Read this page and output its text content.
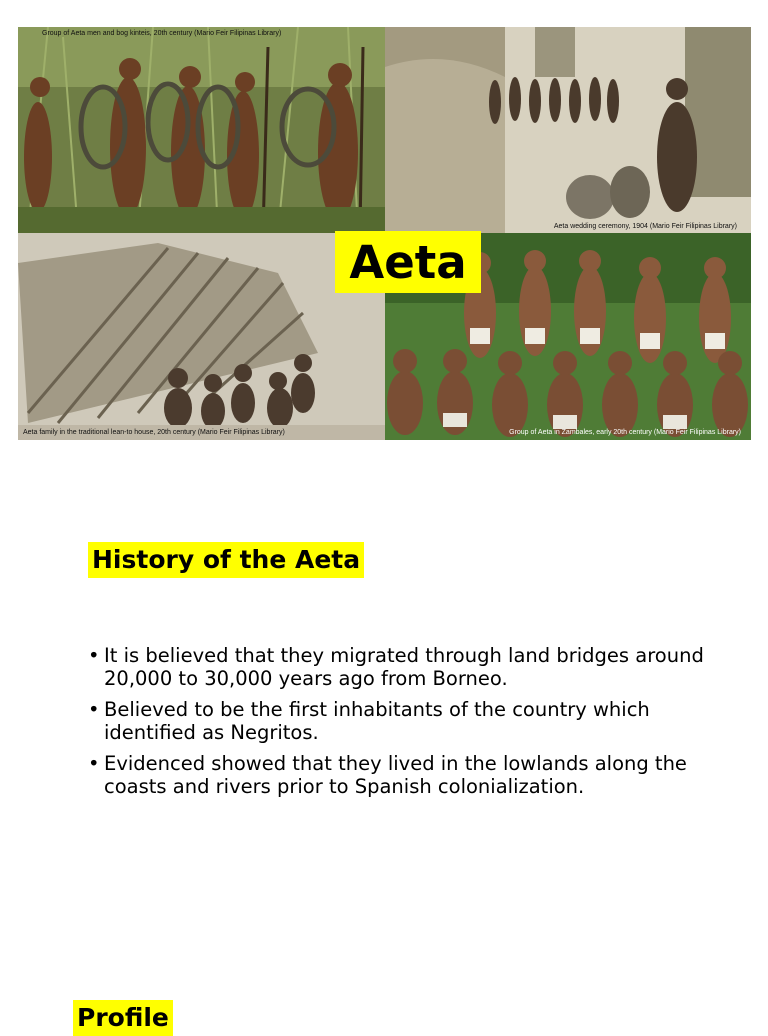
Group of Aeta men and bog kinteis, 20th century (Mario Feir Filipinas Library)
Aeta wedding ceremony, 1904 (Mario Feir Filipinas Library)
Aeta family in the traditional lean-to house, 20th century (Mario Feir Filipinas Library)	Group of Aeta in Zambales, early 20th century (Mario Feir Filipinas Library)
Aeta
History of the Aeta
• It is believed that they migrated through land bridges around 20,000 to 30,000 years ago from Borneo.
• Believed to be the first inhabitants of the country which identified as Negritos.
• Evidenced showed that they lived in the lowlands along the coasts and rivers prior to Spanish colonialization.
Profile
